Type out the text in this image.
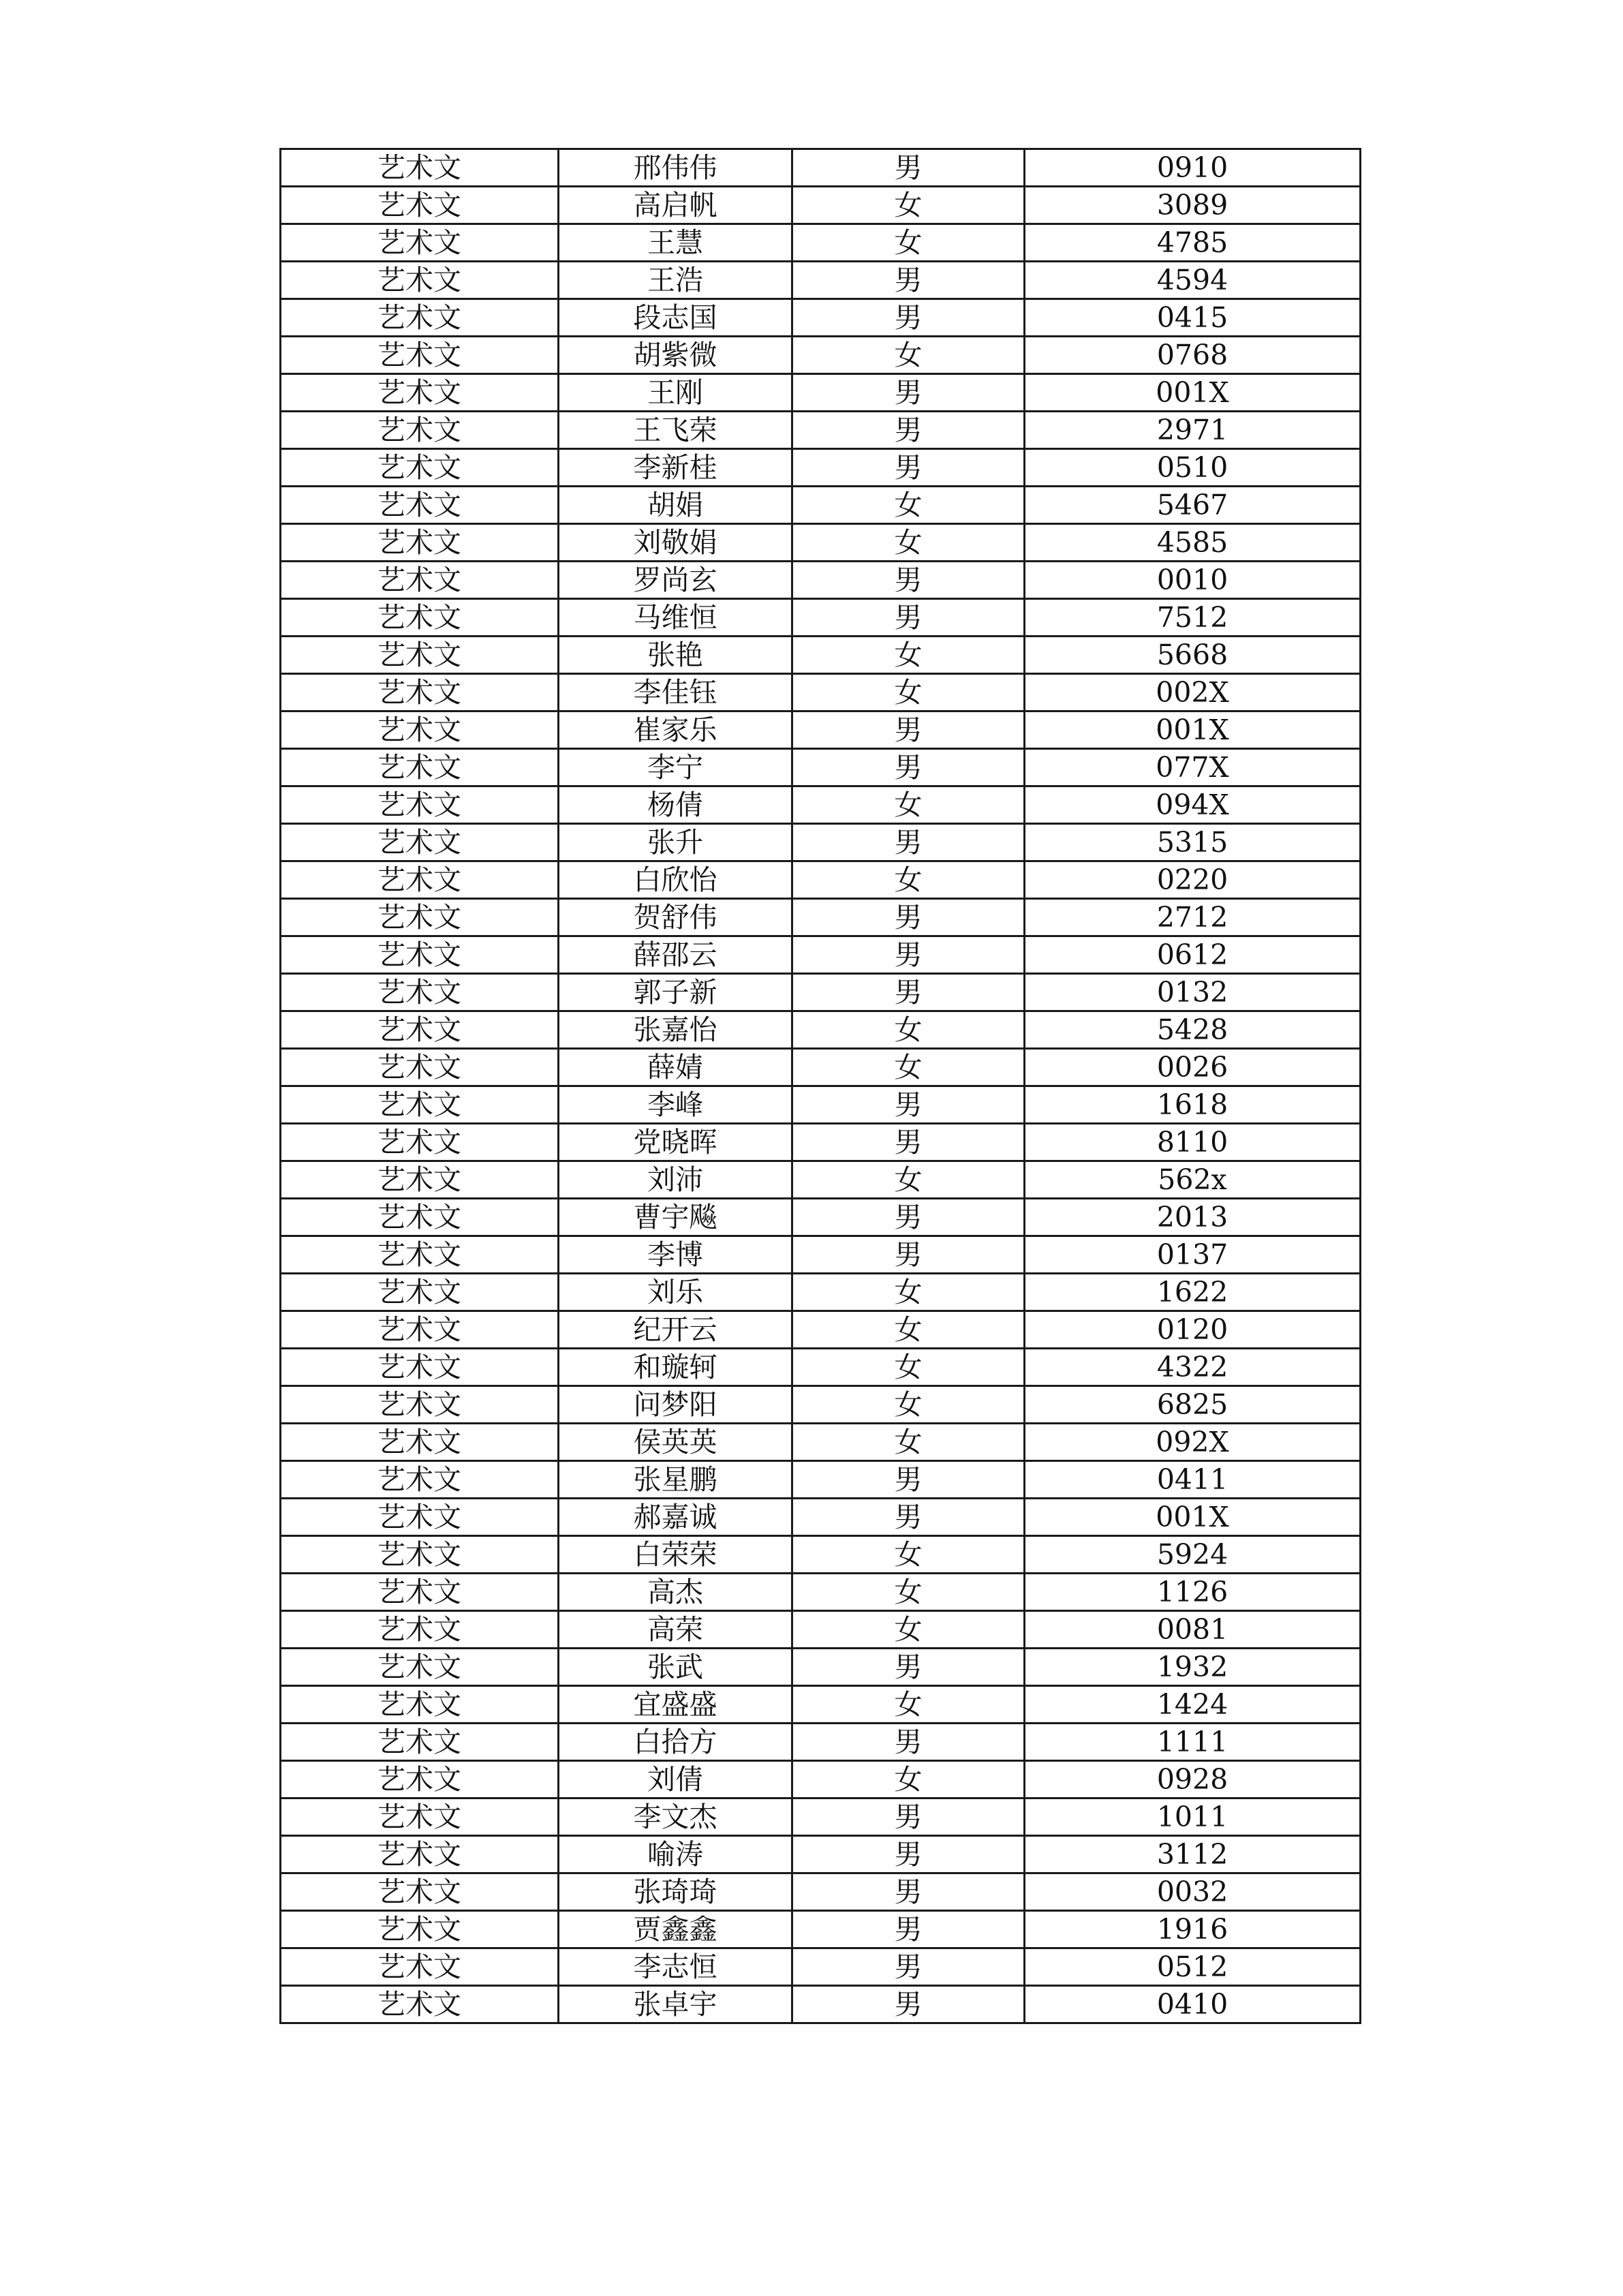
艺术文	邢伟伟	男	0910
艺术文	高启帆	女	3089
艺术文	王慧	女	4785
艺术文	王浩	男	4594
艺术文	段志国	男	0415
艺术文	胡紫微	女	0768
艺术文	王刚	男	001X
艺术文	王飞荣	男	2971
艺术文	李新桂	男	0510
艺术文	胡娟	女	5467
艺术文	刘敬娟	女	4585
艺术文	罗尚玄	男	0010
艺术文	马维恒	男	7512
艺术文	张艳	女	5668
艺术文	李佳钰	女	002X
艺术文	崔家乐	男	001X
艺术文	李宁	男	077X
艺术文	杨倩	女	094X
艺术文	张升	男	5315
艺术文	白欣怡	女	0220
艺术文	贺舒伟	男	2712
艺术文	薛邵云	男	0612
艺术文	郭子新	男	0132
艺术文	张嘉怡	女	5428
艺术文	薛婧	女	0026
艺术文	李峰	男	1618
艺术文	党晓晖	男	8110
艺术文	刘沛	女	562x
艺术文	曹宇飚	男	2013
艺术文	李博	男	0137
艺术文	刘乐	女	1622
艺术文	纪开云	女	0120
艺术文	和璇轲	女	4322
艺术文	问梦阳	女	6825
艺术文	侯英英	女	092X
艺术文	张星鹏	男	0411
艺术文	郝嘉诚	男	001X
艺术文	白荣荣	女	5924
艺术文	高杰	女	1126
艺术文	高荣	女	0081
艺术文	张武	男	1932
艺术文	宜盛盛	女	1424
艺术文	白拾方	男	1111
艺术文	刘倩	女	0928
艺术文	李文杰	男	1011
艺术文	喻涛	男	3112
艺术文	张琦琦	男	0032
艺术文	贾鑫鑫	男	1916
艺术文	李志恒	男	0512
艺术文	张卓宇	男	0410
